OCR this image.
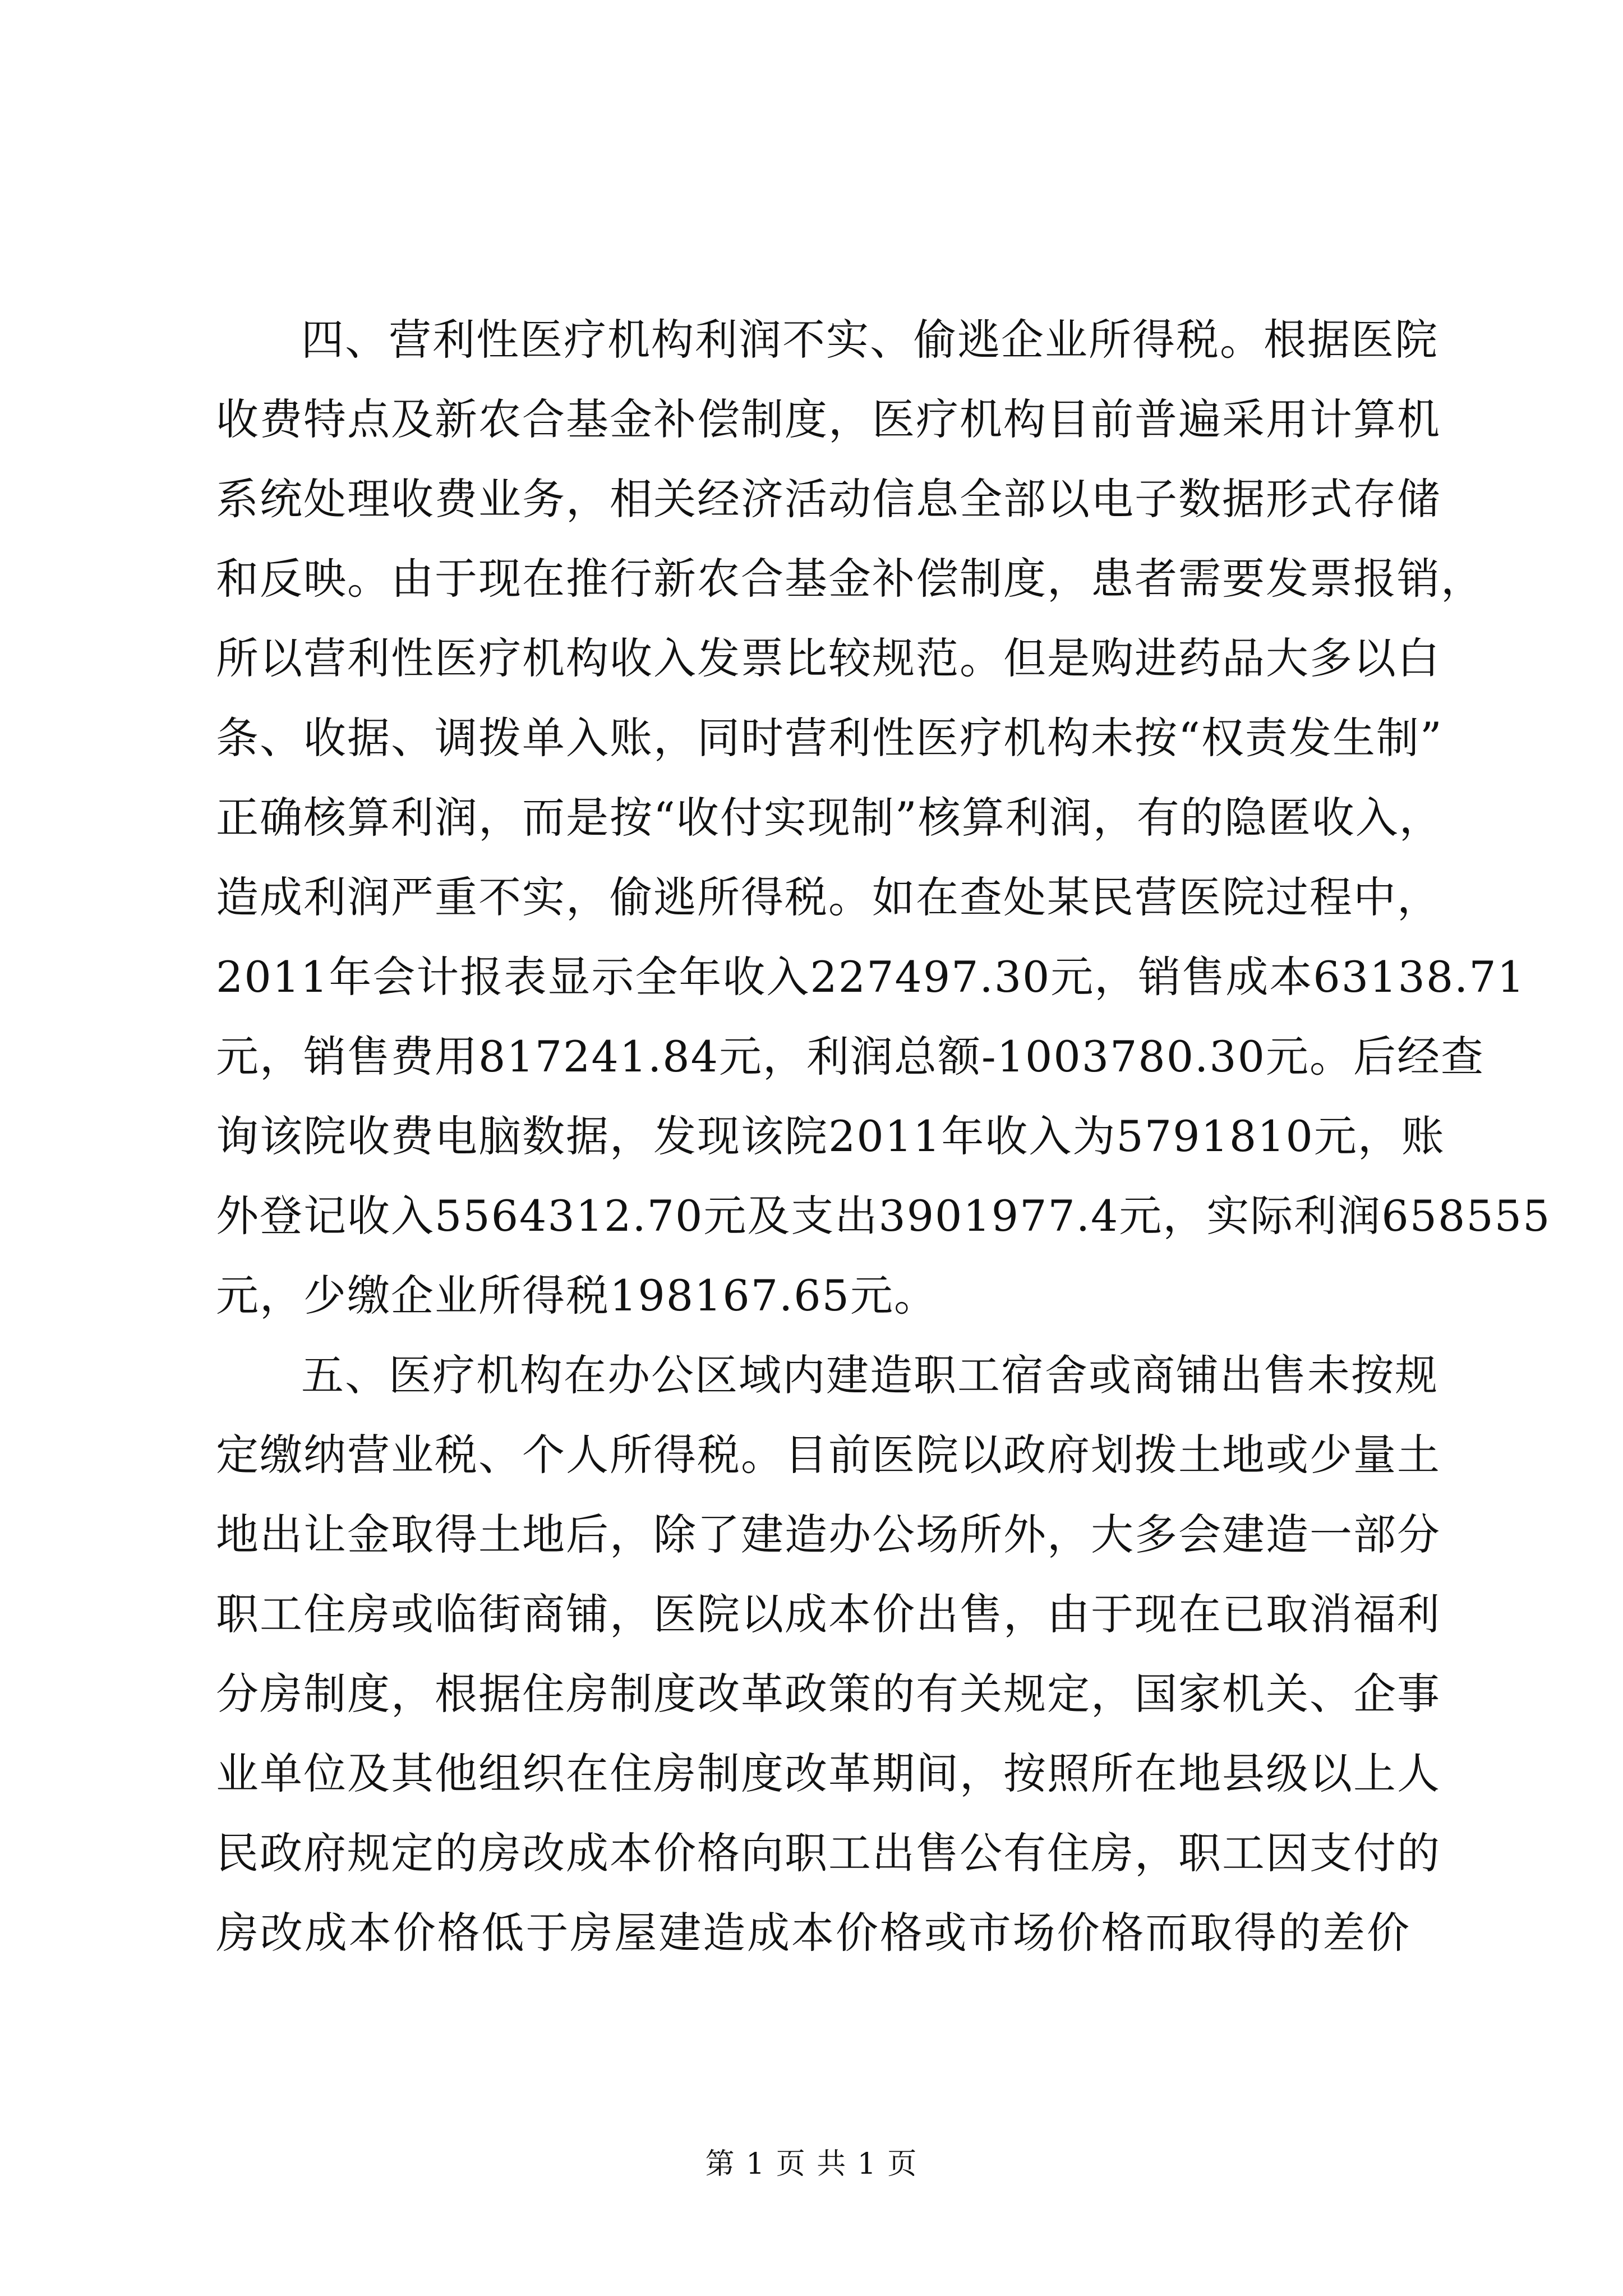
四、营利性医疗机构利润不实、偷逃企业所得税。根据医院
收费特点及新农合基金补偿制度，医疗机构目前普遍采用计算机
系统处理收费业务，相关经济活动信息全部以电子数据形式存储
和反映。由于现在推行新农合基金补偿制度，患者需要发票报销，
所以营利性医疗机构收入发票比较规范。但是购进药品大多以白
条、收据、调拨单入账，同时营利性医疗机构未按“权责发生制”
正确核算利润，而是按“收付实现制”核算利润，有的隐匿收入，
造成利润严重不实，偷逃所得税。如在查处某民营医院过程中，
2011年会计报表显示全年收入227497.30元，销售成本63138.71
元，销售费用817241.84元，利润总额-1003780.30元。后经查
询该院收费电脑数据，发现该院2011年收入为5791810元，账
外登记收入5564312.70元及支出3901977.4元，实际利润658555
元，少缴企业所得税198167.65元。
五、医疗机构在办公区域内建造职工宿舍或商铺出售未按规
定缴纳营业税、个人所得税。目前医院以政府划拨土地或少量土
地出让金取得土地后，除了建造办公场所外，大多会建造一部分
职工住房或临街商铺，医院以成本价出售，由于现在已取消福利
分房制度，根据住房制度改革政策的有关规定，国家机关、企事
业单位及其他组织在住房制度改革期间，按照所在地县级以上人
民政府规定的房改成本价格向职工出售公有住房，职工因支付的
房改成本价格低于房屋建造成本价格或市场价格而取得的差价
第 1 页 共 1 页
